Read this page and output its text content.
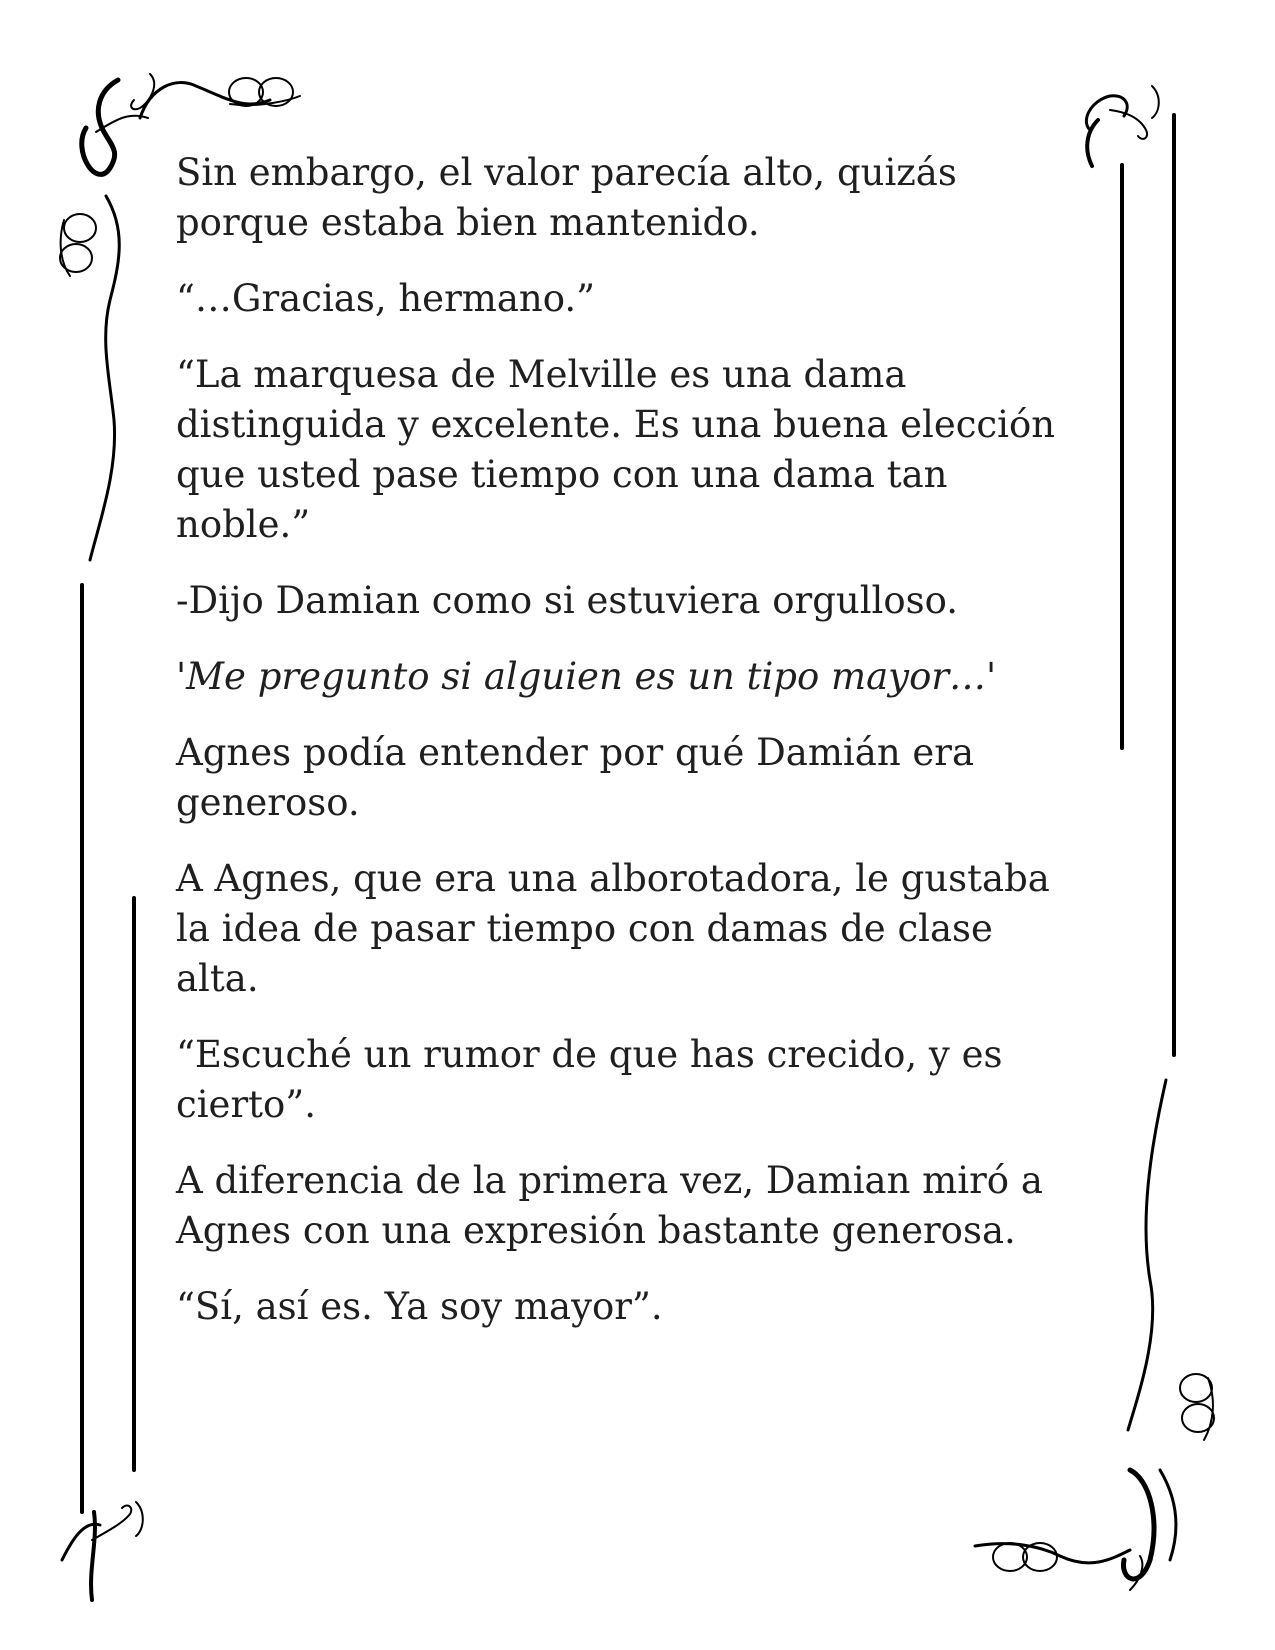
Sin embargo, el valor parecía alto, quizás porque estaba bien mantenido.

“…Gracias, hermano.”

“La marquesa de Melville es una dama distinguida y excelente. Es una buena elección que usted pase tiempo con una dama tan noble.”

-Dijo Damian como si estuviera orgulloso.

'Me pregunto si alguien es un tipo mayor…'

Agnes podía entender por qué Damián era generoso.

A Agnes, que era una alborotadora, le gustaba la idea de pasar tiempo con damas de clase alta.

“Escuché un rumor de que has crecido, y es cierto”.

A diferencia de la primera vez, Damian miró a Agnes con una expresión bastante generosa.

“Sí, así es. Ya soy mayor”.
